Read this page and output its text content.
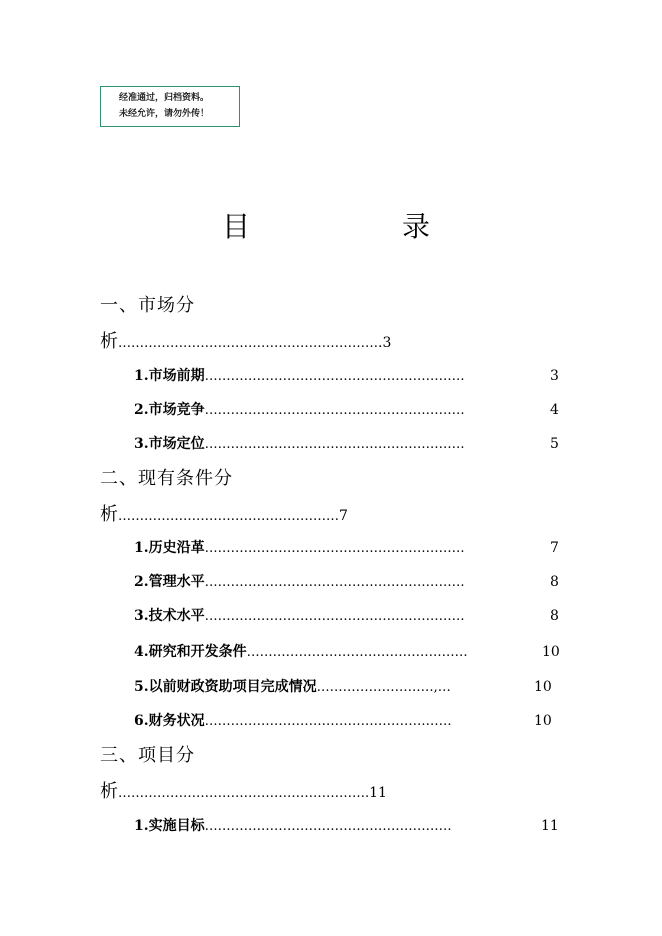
经准通过，归档资料。
未经允许，请勿外传！
目	录
一、市场分
析…………………………………………………….3
1.市场前期……………………………………………………	3
2.市场竞争……………………………………………………	4
3.市场定位……………………………………………………	5
二、现有条件分
析……………………………………………7
1.历史沿革……………………………………………………	7
2.管理水平……………………………………………………	8
3.技术水平……………………………………………………	8
4.研究和开发条件……………………………………………	10
5.以前财政资助项目完成情况………………………,…	10
6.财务状况…………………………………………………	10
三、项目分
析………………………………………………….11
1.实施目标…………………………………………………	11
